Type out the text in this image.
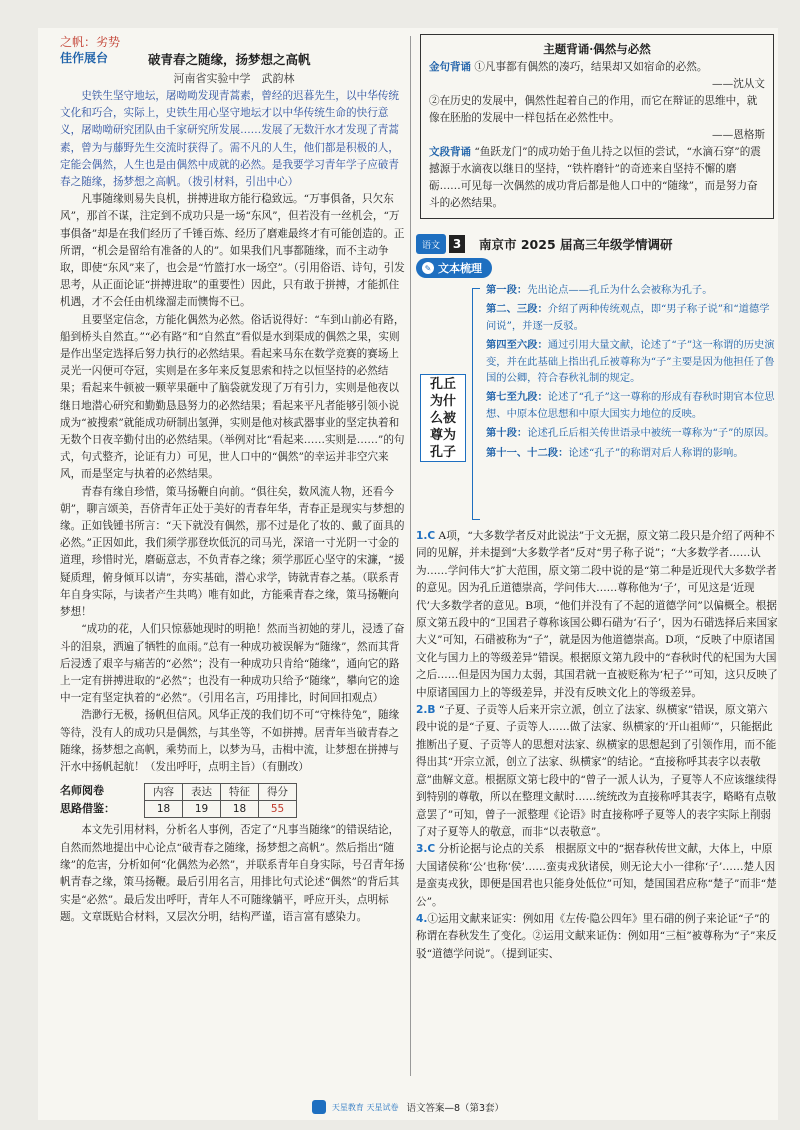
之帆：劣势
佳作展台	破青春之随缘，扬梦想之高帆
河南省实验中学　武韵林

史铁生坚守地坛，屠呦呦发现青蒿素，曾经的迟暮先生，以中华传统文化和巧合，实际上，史铁生用心坚守地坛才以中华传统生命的快行意义，屠呦呦研究团队由千家研究所发展……发展了无数汗水才发现了青蒿素，曾为与藤野先生交流时获得了。需不凡的人生，他们都是积极的人，定能会偶然，人生也是由偶然中成就的必然。是我要学习青年学子应破青春之随缘，扬梦想之高帆。（拨引材料，引出中心）

凡事随缘则易失良机，拼搏进取方能行稳致远。“万事俱备，只欠东风”，那首不谋，注定到不成功只是一场“东风”，但若没有一丝机会，“万事俱备”却是在我们经历了千锤百炼、经历了磨难最终才有可能创造的。正所谓，“机会是留给有准备的人的”。如果我们凡事都随缘，而不主动争取，即使“东风”来了，也会是“竹篮打水一场空”。（引用俗语、诗句，引发思考，从正面论证“拼搏进取”的重要性）因此，只有敢于拼搏，才能抓住机遇，才不会任由机缘溜走而懊悔不已。

且要坚定信念，方能化偶然为必然。俗话说得好：“车到山前必有路，船到桥头自然直。”“必有路”和“自然直”看似是水到渠成的偶然之果，实则是作出坚定选择后努力执行的必然结果。看起来马东在数学竞赛的赛场上灵光一闪便可夺冠，实则是在多年来反复思索和持之以恒坚持的必然结果；看起来牛顿被一颗苹果砸中了脑袋就发现了万有引力，实则是他夜以继日地潜心研究和勤勤恳恳努力的必然结果；看起来平凡者能够引领小说成为“被搜索”就能成功研制出氢弹，实则是他对核武器事业的坚定执着和无数个日夜辛勤付出的必然结果。（举例对比“看起来……实则是……”的句式，句式整齐，论证有力）可见，世人口中的“偶然”的幸运并非空穴来风，而是坚定与执着的必然结果。

青春有缘自珍惜，策马扬鞭自向前。“俱往矣，数风流人物，还看今朝”，聊言颂美，吾侪青年正处于美好的青春年华，青春正是现实与梦想的缘。正如钱锺书所言：“天下就没有偶然，那不过是化了妆的、戴了面具的必然。”正因如此，我们须学那登坎低沉的司马光，深谙一寸光阴一寸金的道理，珍惜时光，磨砺意志，不负青春之缘；须学那匠心坚守的宋濂，“援疑质理，俯身倾耳以请”，夯实基础，潜心求学，铸就青春之基。（联系青年自身实际，与读者产生共鸣）唯有如此，方能乘青春之缘，策马扬鞭向梦想！

“成功的花，人们只惊慕她现时的明艳！然而当初她的芽儿，浸透了奋斗的泪泉，洒遍了牺牲的血雨。”总有一种成功被误解为“随缘”，然而其背后浸透了艰辛与痛苦的“必然”；没有一种成功只肯给“随缘”，通向它的路上一定有拼搏进取的“必然”；也没有一种成功只给予“随缘”，攀向它的途中一定有坚定执着的“必然”。（引用名言，巧用排比，时间回扣观点）

浩渺行无极，扬帆但信风。风华正茂的我们切不可“守株待兔”，随缘等待，没有人的成功只是偶然，与其坐等，不如拼搏。居青年当破青春之随缘，扬梦想之高帆，乘势而上，以梦为马，击楫中流，让梦想在拼搏与汗水中扬帆起航！（发出呼吁，点明主旨）（有删改）

名师阅卷
思路借鉴：
内容	表达	特征	得分
18	19	18	55

本文先引用材料，分析名人事例，否定了“凡事当随缘”的错误结论，自然而然地提出中心论点“破青春之随缘，扬梦想之高帆”。然后指出“随缘”的危害，分析如何“化偶然为必然”，并联系青年自身实际，号召青年扬帆青春之缘，策马扬鞭。最后引用名言，用排比句式论述“偶然”的背后其实是“必然”。最后发出呼吁，青年人不可随缘躺平，呼应开头，点明标题。文章既贴合材料，又层次分明，结构严谨，语言富有感染力。

主题背诵·偶然与必然

金句背诵 ①凡事都有偶然的凑巧，结果却又如宿命的必然。

——沈从文

②在历史的发展中，偶然性起着自己的作用，而它在辩证的思维中，就像在胚胎的发展中一样包括在必然性中。

——恩格斯

文段背诵 “鱼跃龙门”的成功始于鱼儿持之以恒的尝试，“水滴石穿”的震撼源于水滴夜以继日的坚持，“铁杵磨针”的奇迹来自坚持不懈的磨砺……可见每一次偶然的成功背后都是他人口中的“随缘”，而是努力奋斗的必然结果。

语文	3	南京市 2025 届高三年级学情调研
✎ 文本梳理
孔丘为什么被尊为孔子

第一段：先出论点——孔丘为什么会被称为孔子。

第二、三段：介绍了两种传统观点，即“男子称子说”和“道德学问说”，并逐一反驳。

第四至六段：通过引用大量文献，论述了“子”这一称谓的历史演变，并在此基础上指出孔丘被尊称为“子”主要是因为他担任了鲁国的公卿，符合春秋礼制的规定。

第七至九段：论述了“孔子”这一尊称的形成有春秋时期官本位思想、中原本位思想和中原大国实力地位的反映。

第十段：论述孔丘后相关传世语录中被统一尊称为“子”的原因。

第十一、十二段：论述“孔子”的称谓对后人称谓的影响。

1.C A项，“大多数学者反对此说法”于文无据，原文第二段只是介绍了两种不同的见解，并未提到“大多数学者”反对“男子称子说”；“大多数学者……认为……学问伟大”扩大范围，原文第二段中说的是“第二种是近现代大多数学者的意见。因为孔丘道德崇高，学问伟大……尊称他为‘子’，可见这是‘近现代’大多数学者的意见。B项，“他们并没有了不起的道德学问”以偏概全。根据原文第五段中的“卫国君子尊称该国公卿石碏为‘石子’，因为石碏选择后来国家大义”可知，石碏被称为“子”，就是因为他道德崇高。D项，“反映了中原诸国文化与国力上的等级差异”错误。根据原文第九段中的“春秋时代的杞国为大国之后……但是因为国力太弱，其国君就一直被贬称为‘杞子’”可知，这只反映了中原诸国国力上的等级差异，并没有反映文化上的等级差异。

2.B “子夏、子贡等人后来开宗立派，创立了法家、纵横家”错误，原文第六段中说的是“子夏、子贡等人……做了法家、纵横家的‘开山祖师’”，只能据此推断出子夏、子贡等人的思想对法家、纵横家的思想起到了引领作用，而不能得出其“开宗立派，创立了法家、纵横家”的结论。“直接称呼其表字以表敬意”曲解文意。根据原文第七段中的“曾子一派人认为，子夏等人不应该继续得到特别的尊敬，所以在整理文献时……统统改为直接称呼其表字，略略有点敬意罢了”可知，曾子一派整理《论语》时直接称呼子夏等人的表字实际上削弱了对子夏等人的敬意，而非“以表敬意”。

3.C 分析论据与论点的关系　根据原文中的“据春秋传世文献，大体上，中原大国诸侯称‘公’也称‘侯’……蛮夷戎狄诸侯，则无论大小一律称‘子’……楚人因是蛮夷戎狄，即便是国君也只能身处低位”可知，楚国国君应称“楚子”而非“楚公”。

4.①运用文献来证实：例如用《左传·隐公四年》里石碏的例子来论证“子”的称谓在春秋发生了变化。②运用文献来证伪：例如用“三桓”被尊称为“子”来反驳“道德学问说”。（提到证实、

天星教育 天星试卷 语文答案—8（第3套）
